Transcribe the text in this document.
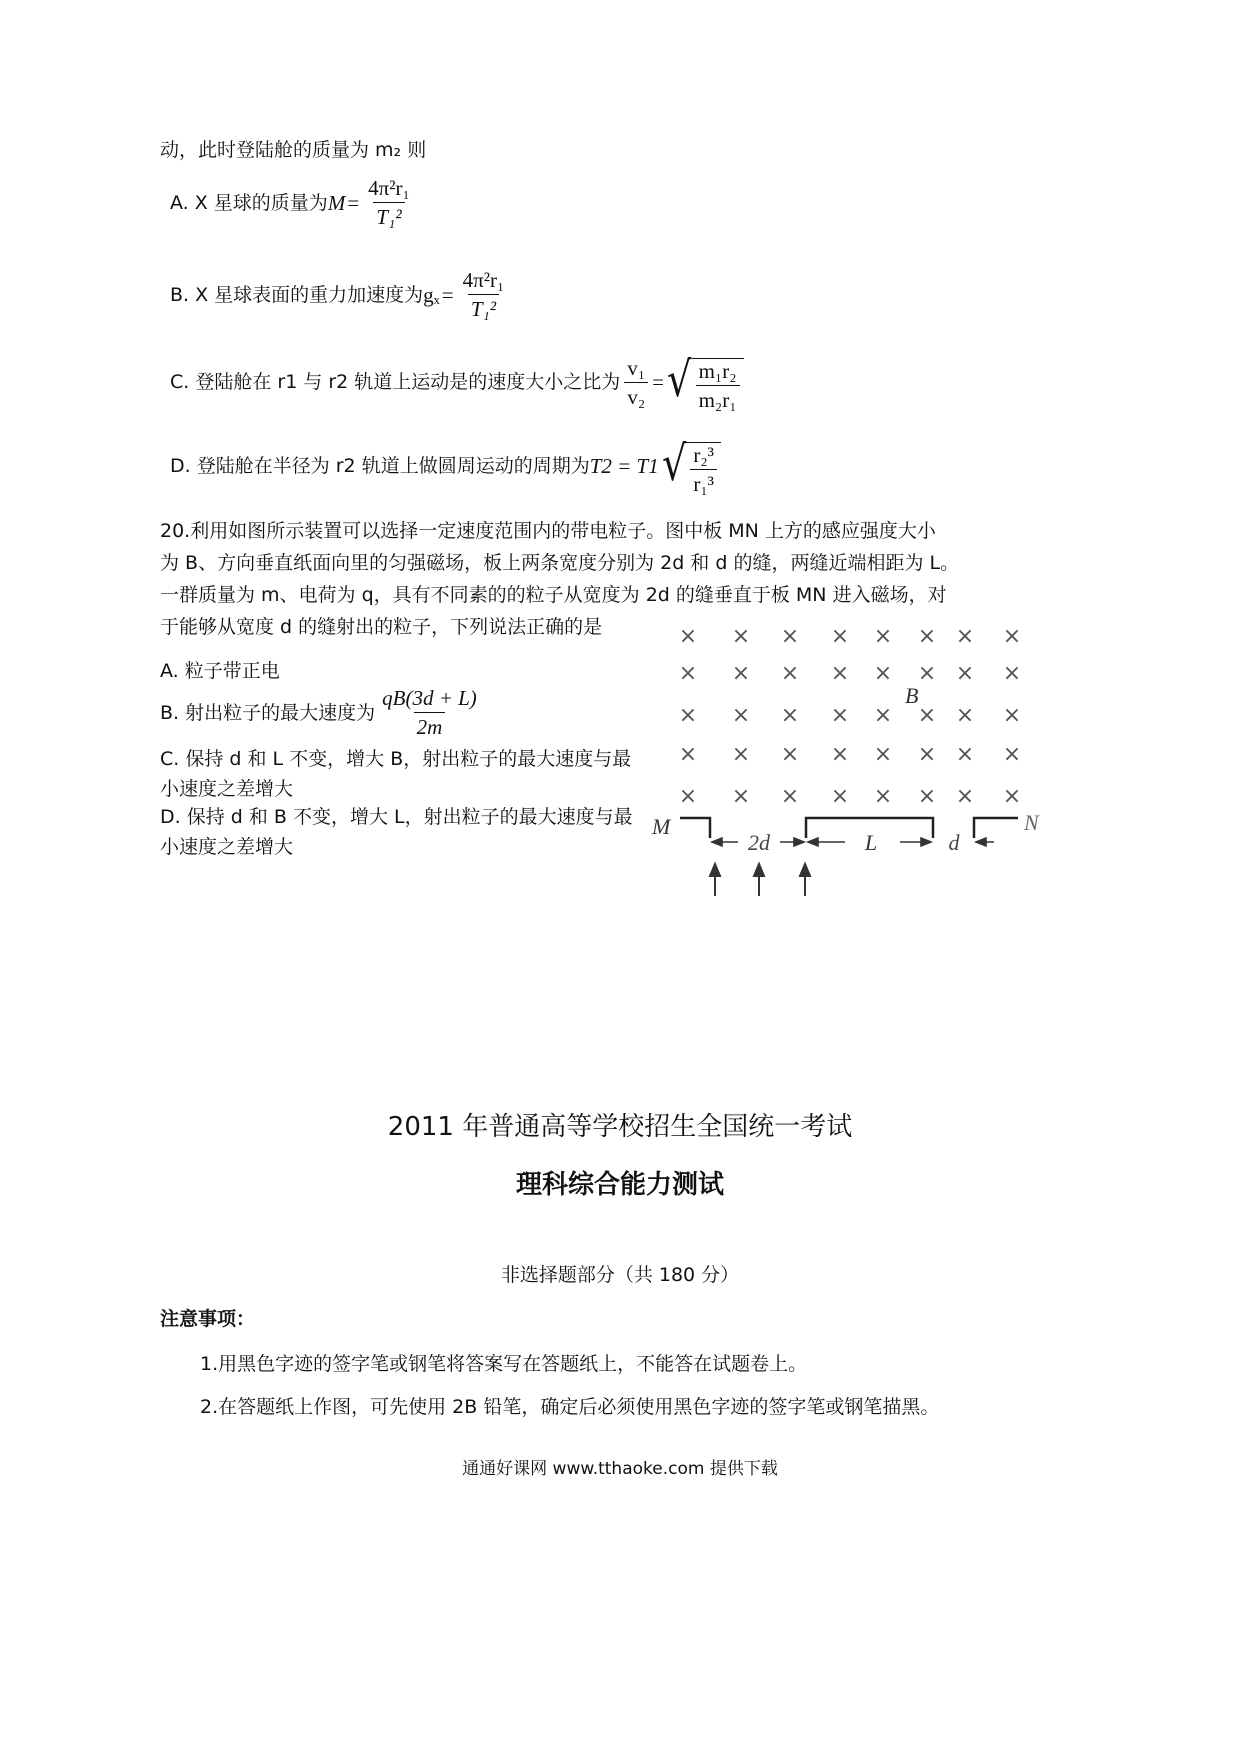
动，此时登陆舱的质量为 m₂ 则
A. X 星球的质量为 $M = \frac{\text{4π²r₁}}{\text{T₁²}}$
B. X 星球表面的重力加速度为 $g_x = \frac{\text{4π²r₁}}{\text{T₁²}}$
C. 登陆舱在 r1 与 r2 轨道上运动是的速度大小之比为 $\frac{\text{v₁}}{\text{v₂}}$ = √ $\frac{\text{m₁r₂}}{\text{m₂r₁}}$
D. 登陆舱在半径为 r2 轨道上做圆周运动的周期为 T2 = T1 √ $\frac{\text{r₂³}}{\text{r₁³}}$
20.利用如图所示装置可以选择一定速度范围内的带电粒子。图中板 MN 上方的感应强度大小
为 B、方向垂直纸面向里的匀强磁场，板上两条宽度分别为 2d 和 d 的缝，两缝近端相距为 L。
一群质量为 m、电荷为 q，具有不同素的的粒子从宽度为 2d 的缝垂直于板 MN 进入磁场，对
于能够从宽度 d 的缝射出的粒子，下列说法正确的是
A. 粒子带正电
B. 射出粒子的最大速度为 $\frac{qB(3d + L)}{2m}$
C. 保持 d 和 L 不变，增大 B，射出粒子的最大速度与最
小速度之差增大
D. 保持 d 和 B 不变，增大 L，射出粒子的最大速度与最
小速度之差增大
× × × × × × × ×
× × × × × × × ×
× × × × × × × ×
× × × × × × × ×
× × × × × × × ×
B
M	N
2d	L	d
2011 年普通高等学校招生全国统一考试
理科综合能力测试
非选择题部分（共 180 分）
注意事项：
1.用黑色字迹的签字笔或钢笔将答案写在答题纸上，不能答在试题卷上。
2.在答题纸上作图，可先使用 2B 铅笔，确定后必须使用黑色字迹的签字笔或钢笔描黑。
通通好课网 www.tthaoke.com 提供下载
